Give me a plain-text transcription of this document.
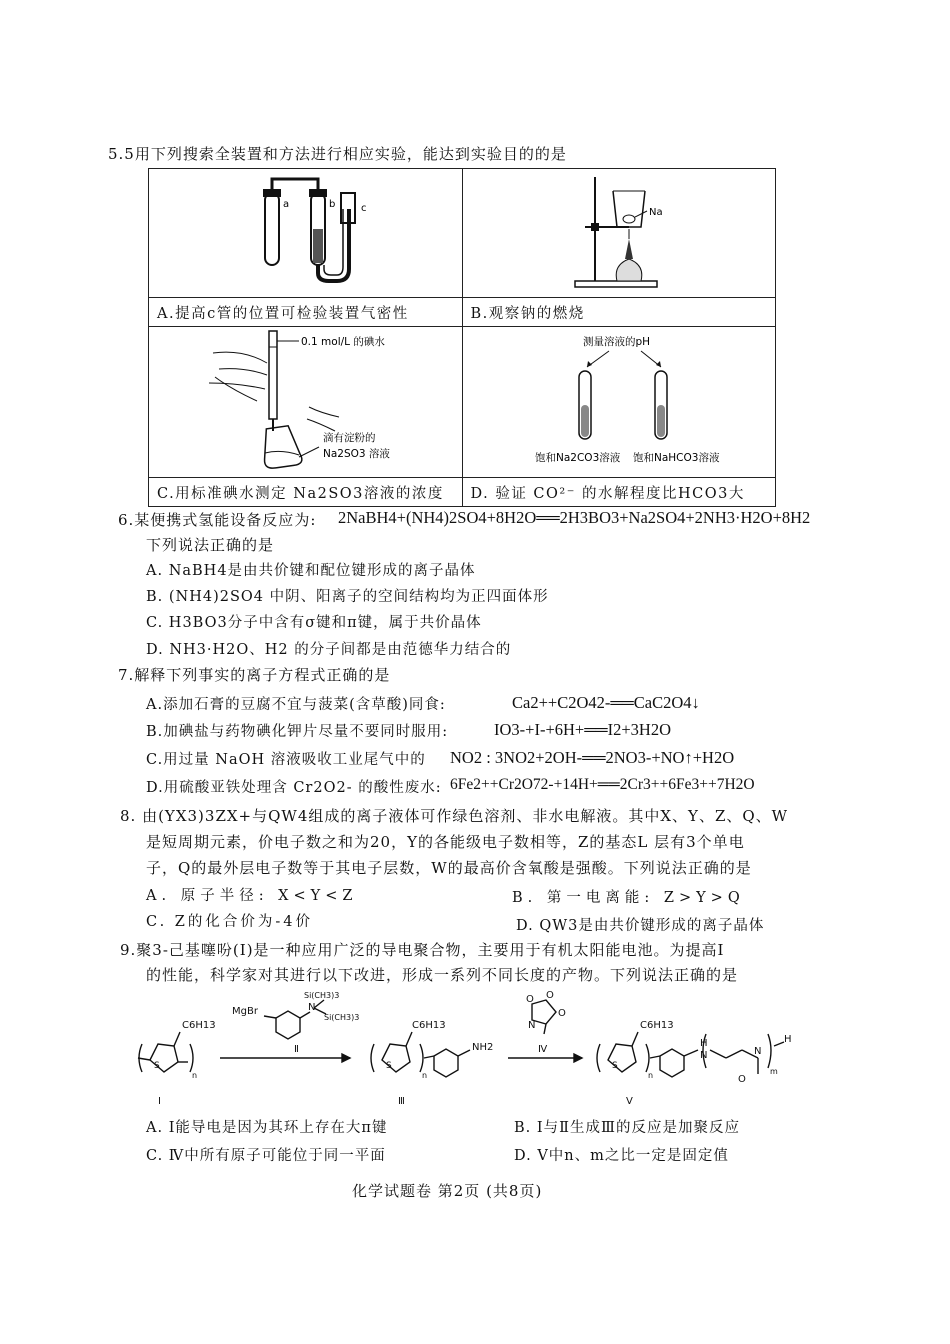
5.5用下列搜索全装置和方法进行相应实验，能达到实验目的的是
a b c	Na

A.提高c管的位置可检验装置气密性	B.观察钠的燃烧

0.1 mol/L 的碘水
滴有淀粉的
Na2SO3 溶液	测量溶液的pH
饱和Na2CO3溶液 饱和NaHCO3溶液

C.用标准碘水测定 Na2SO3溶液的浓度	D. 验证 CO²⁻ 的水解程度比HCO3大
6.某便携式氢能设备反应为: 2NaBH4+(NH4)2SO4+8H2O══2H3BO3+Na2SO4+2NH3·H2O+8H2
下列说法正确的是
A. NaBH4是由共价键和配位键形成的离子晶体
B. (NH4)2SO4 中阴、阳离子的空间结构均为正四面体形
C. H3BO3分子中含有σ键和π键，属于共价晶体
D. NH3·H2O、H2 的分子间都是由范德华力结合的
7.解释下列事实的离子方程式正确的是
A.添加石膏的豆腐不宜与菠菜(含草酸)同食:	Ca2++C2O42-══CaC2O4↓
B.加碘盐与药物碘化钾片尽量不要同时服用:	IO3-+I-+6H+══I2+3H2O
C.用过量 NaOH 溶液吸收工业尾气中的 NO2 : 3NO2+2OH-══2NO3-+NO↑+H2O
D.用硫酸亚铁处理含 Cr2O2- 的酸性废水: 6Fe2++Cr2O72-+14H+══2Cr3++6Fe3++7H2O
8. 由(YX3)3ZX+与QW4组成的离子液体可作绿色溶剂、非水电解液。其中X、Y、Z、Q、W
是短周期元素，价电子数之和为20，Y的各能级电子数相等，Z的基态L 层有3个单电
子，Q的最外层电子数等于其电子层数，W的最高价含氧酸是强酸。下列说法正确的是
A. 原子半径: X<Y<Z	B. 第一电离能: Z>Y>Q
C. Z的化合价为-4价	D. QW3是由共价键形成的离子晶体
9.聚3-己基噻吩(Ⅰ)是一种应用广泛的导电聚合物，主要用于有机太阳能电池。为提高Ⅰ
的性能，科学家对其进行以下改进，形成一系列不同长度的产物。下列说法正确的是
C6H13
Ⅰ
MgBr	N
Si(CH3)3
Si(CH3)3
Ⅱ
C6H13
NH2
Ⅲ
O
O
O
N
Ⅳ
C6H13
H
N
O
N
H
Ⅴ
S	S	S
n	n	n	m
A. Ⅰ能导电是因为其环上存在大π键	B. Ⅰ与Ⅱ生成Ⅲ的反应是加聚反应
C. Ⅳ中所有原子可能位于同一平面	D. Ⅴ中n、m之比一定是固定值
化学试题卷 第2页 (共8页)
